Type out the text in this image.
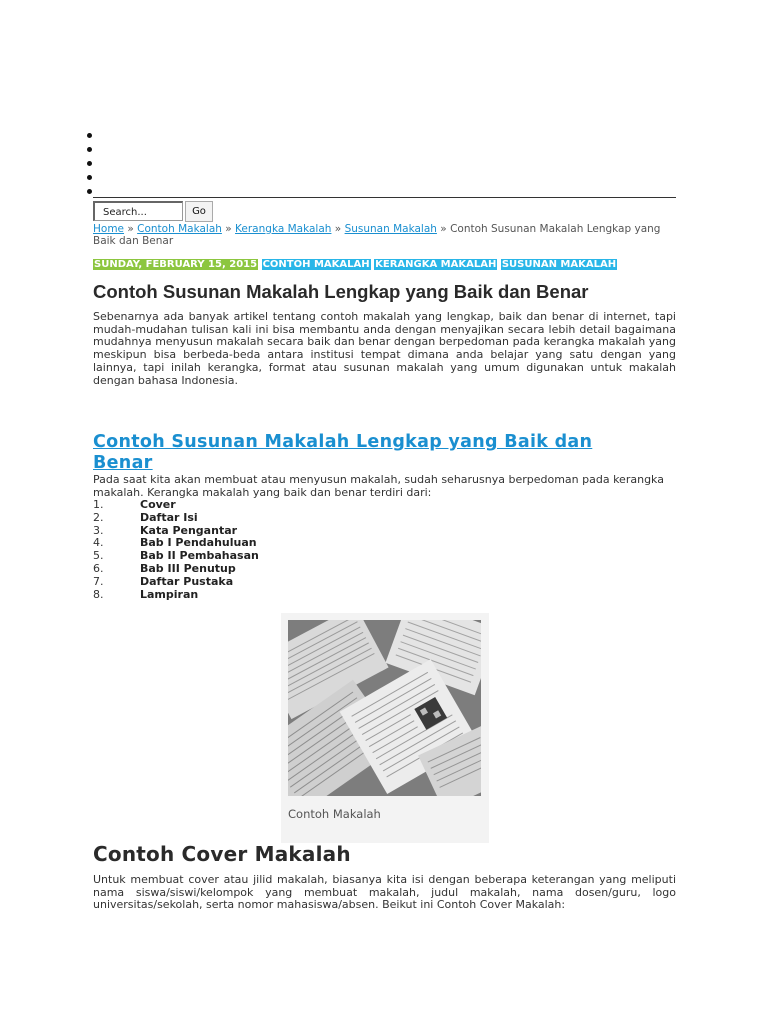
Search...	Go
Home » Contoh Makalah » Kerangka Makalah » Susunan Makalah » Contoh Susunan Makalah Lengkap yang Baik dan Benar
SUNDAY, FEBRUARY 15, 2015 CONTOH MAKALAH KERANGKA MAKALAH SUSUNAN MAKALAH
Contoh Susunan Makalah Lengkap yang Baik dan Benar

Sebenarnya ada banyak artikel tentang contoh makalah yang lengkap, baik dan benar di internet, tapi mudah-mudahan tulisan kali ini bisa membantu anda dengan menyajikan secara lebih detail bagaimana mudahnya menyusun makalah secara baik dan benar dengan berpedoman pada kerangka makalah yang meskipun bisa berbeda-beda antara institusi tempat dimana anda belajar yang satu dengan yang lainnya, tapi inilah kerangka, format atau susunan makalah yang umum digunakan untuk makalah dengan bahasa Indonesia.

Contoh Susunan Makalah Lengkap yang Baik dan Benar

Pada saat kita akan membuat atau menyusun makalah, sudah seharusnya berpedoman pada kerangka makalah. Kerangka makalah yang baik dan benar terdiri dari:

1.	Cover
2.	Daftar Isi
3.	Kata Pengantar
4.	Bab I Pendahuluan
5.	Bab II Pembahasan
6.	Bab III Penutup
7.	Daftar Pustaka
8.	Lampiran
Contoh Makalah
Contoh Cover Makalah

Untuk membuat cover atau jilid makalah, biasanya kita isi dengan beberapa keterangan yang meliputi nama siswa/siswi/kelompok yang membuat makalah, judul makalah, nama dosen/guru, logo universitas/sekolah, serta nomor mahasiswa/absen. Beikut ini Contoh Cover Makalah:
